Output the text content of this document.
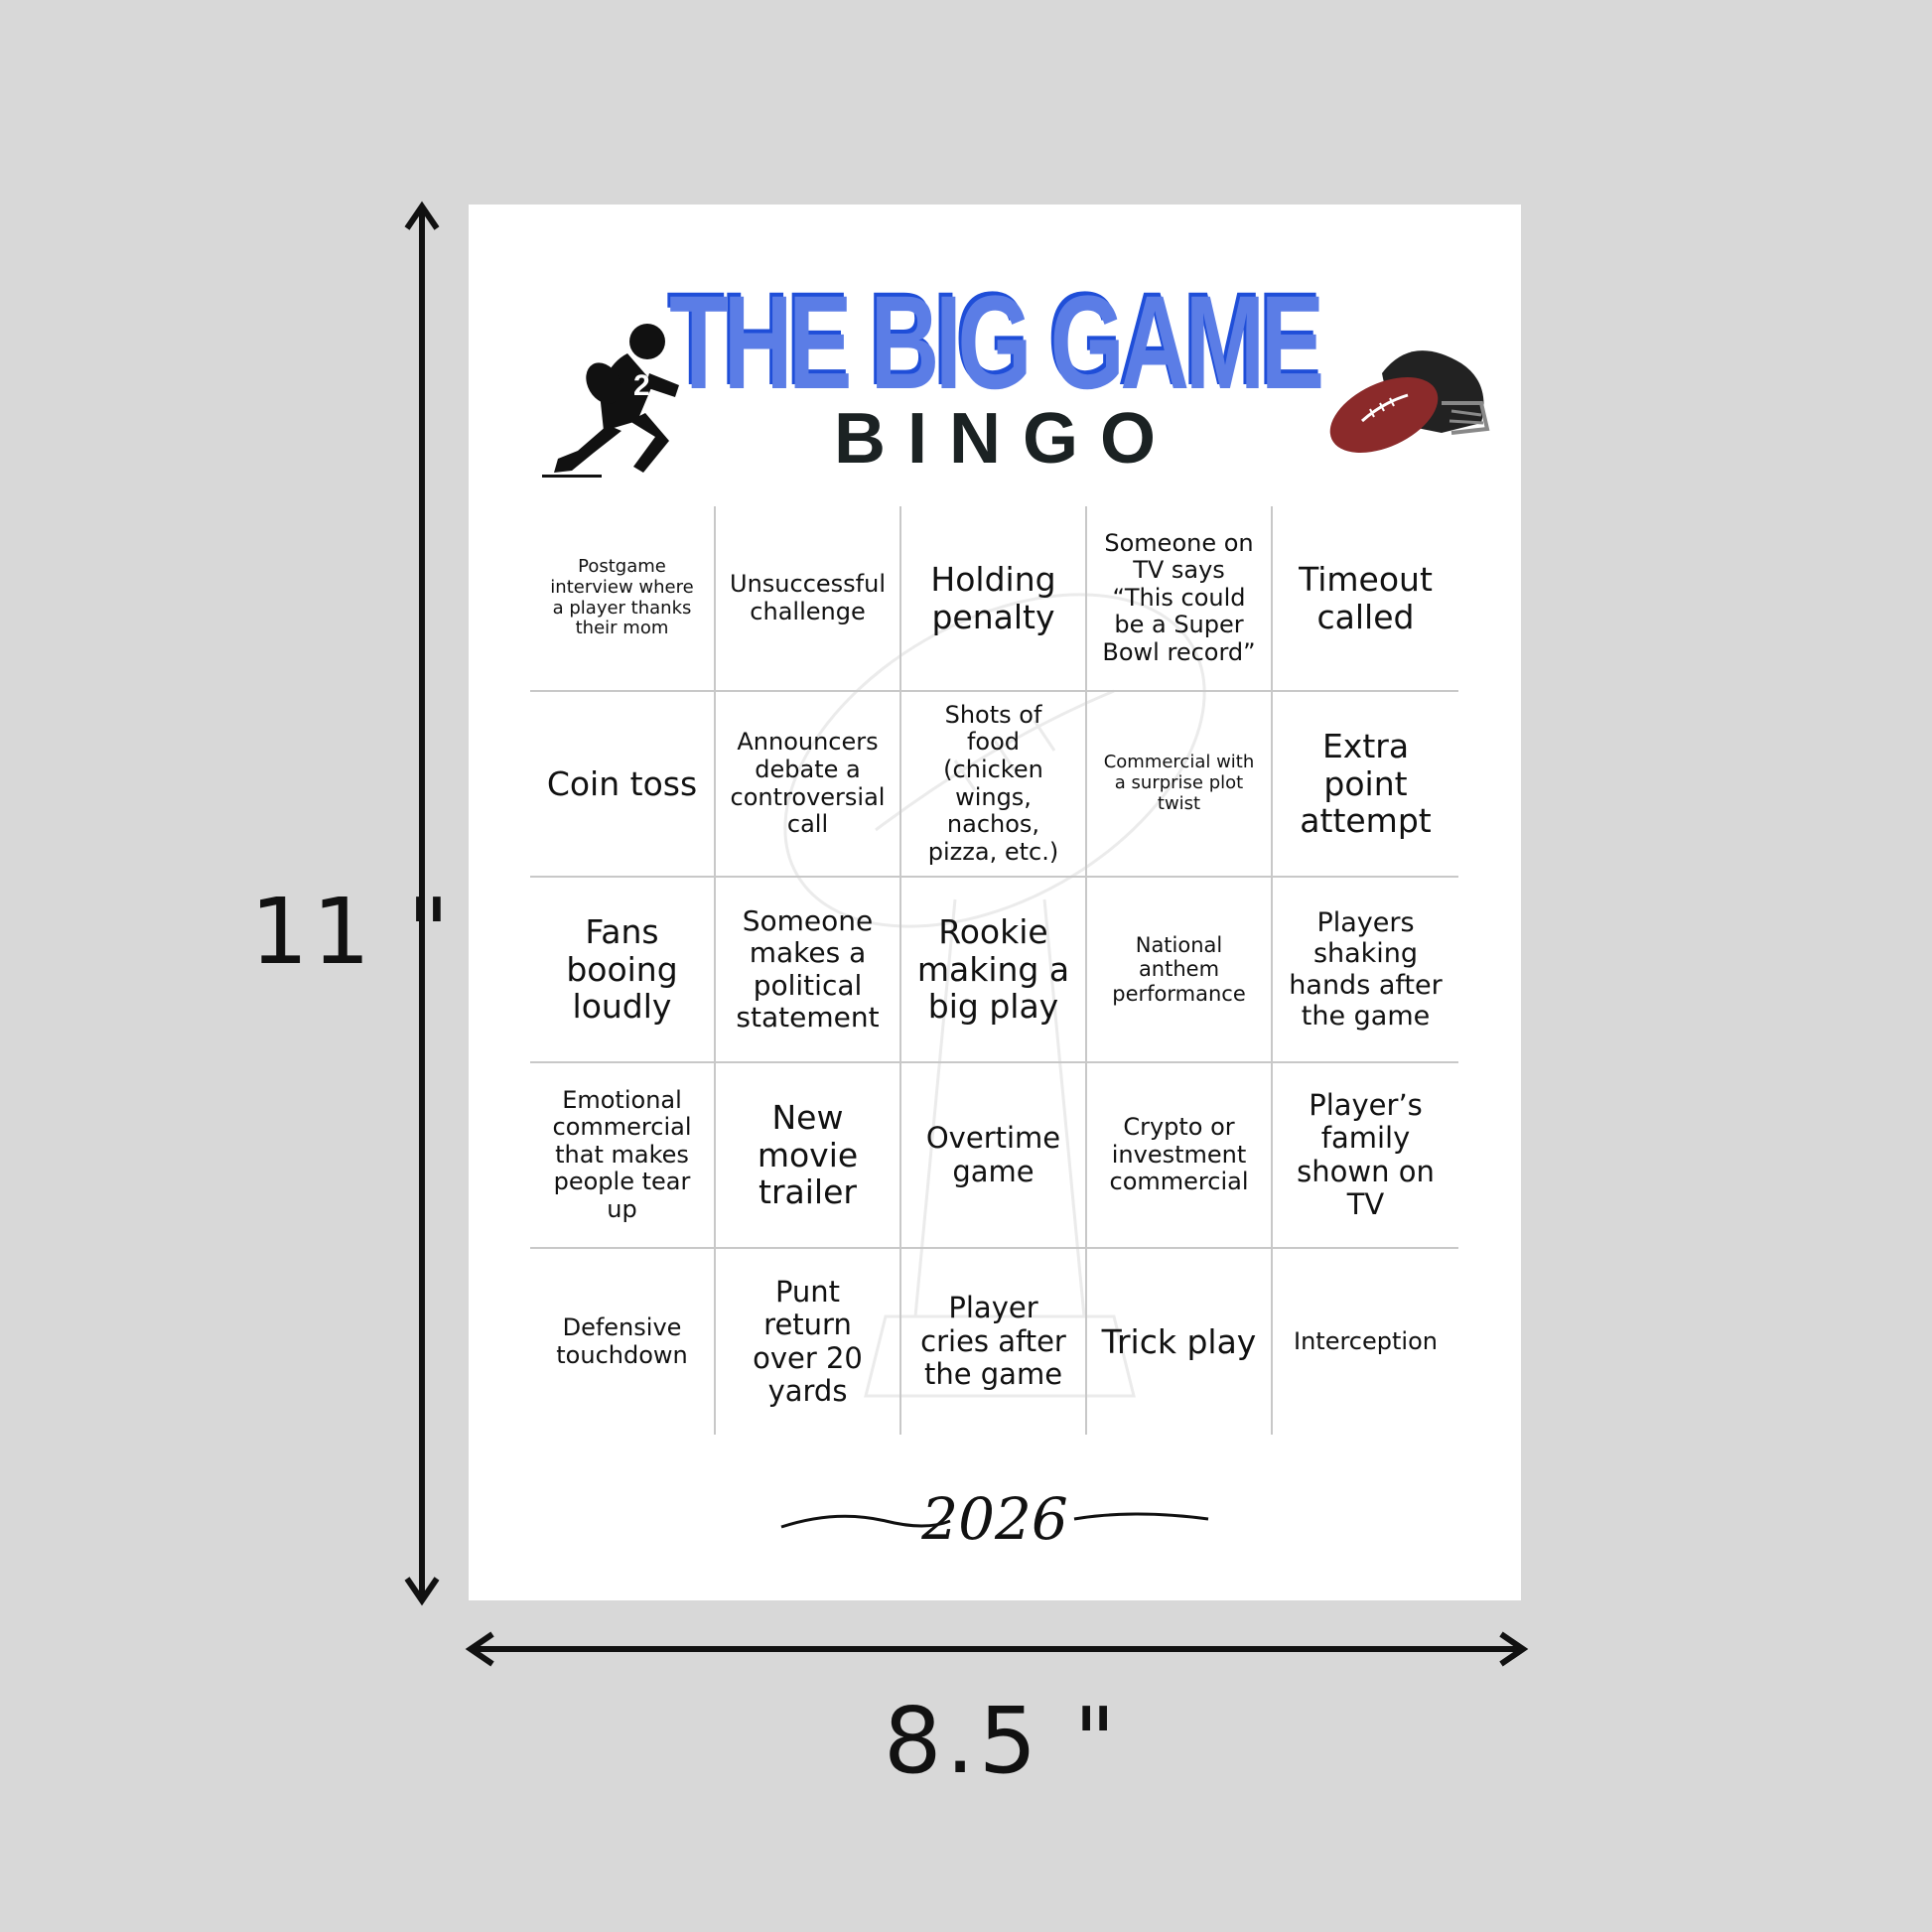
2 THE BIG GAME
BINGO
Postgame interview where a player thanks their mom
Unsuccessful challenge
Holding penalty
Someone on TV says “This could be a Super Bowl record”
Timeout called
Coin toss
Announcers debate a controversial call
Shots of food (chicken wings, nachos, pizza, etc.)
Commercial with a surprise plot twist
Extra point attempt
Fans booing loudly
Someone makes a political statement
Rookie making a big play
National anthem performance
Players shaking hands after the game
Emotional commercial that makes people tear up
New movie trailer
Overtime game
Crypto or investment commercial
Player’s family shown on TV
Defensive touchdown
Punt return over 20 yards
Player cries after the game
Trick play	Interception
2026
11 "
8.5 "
